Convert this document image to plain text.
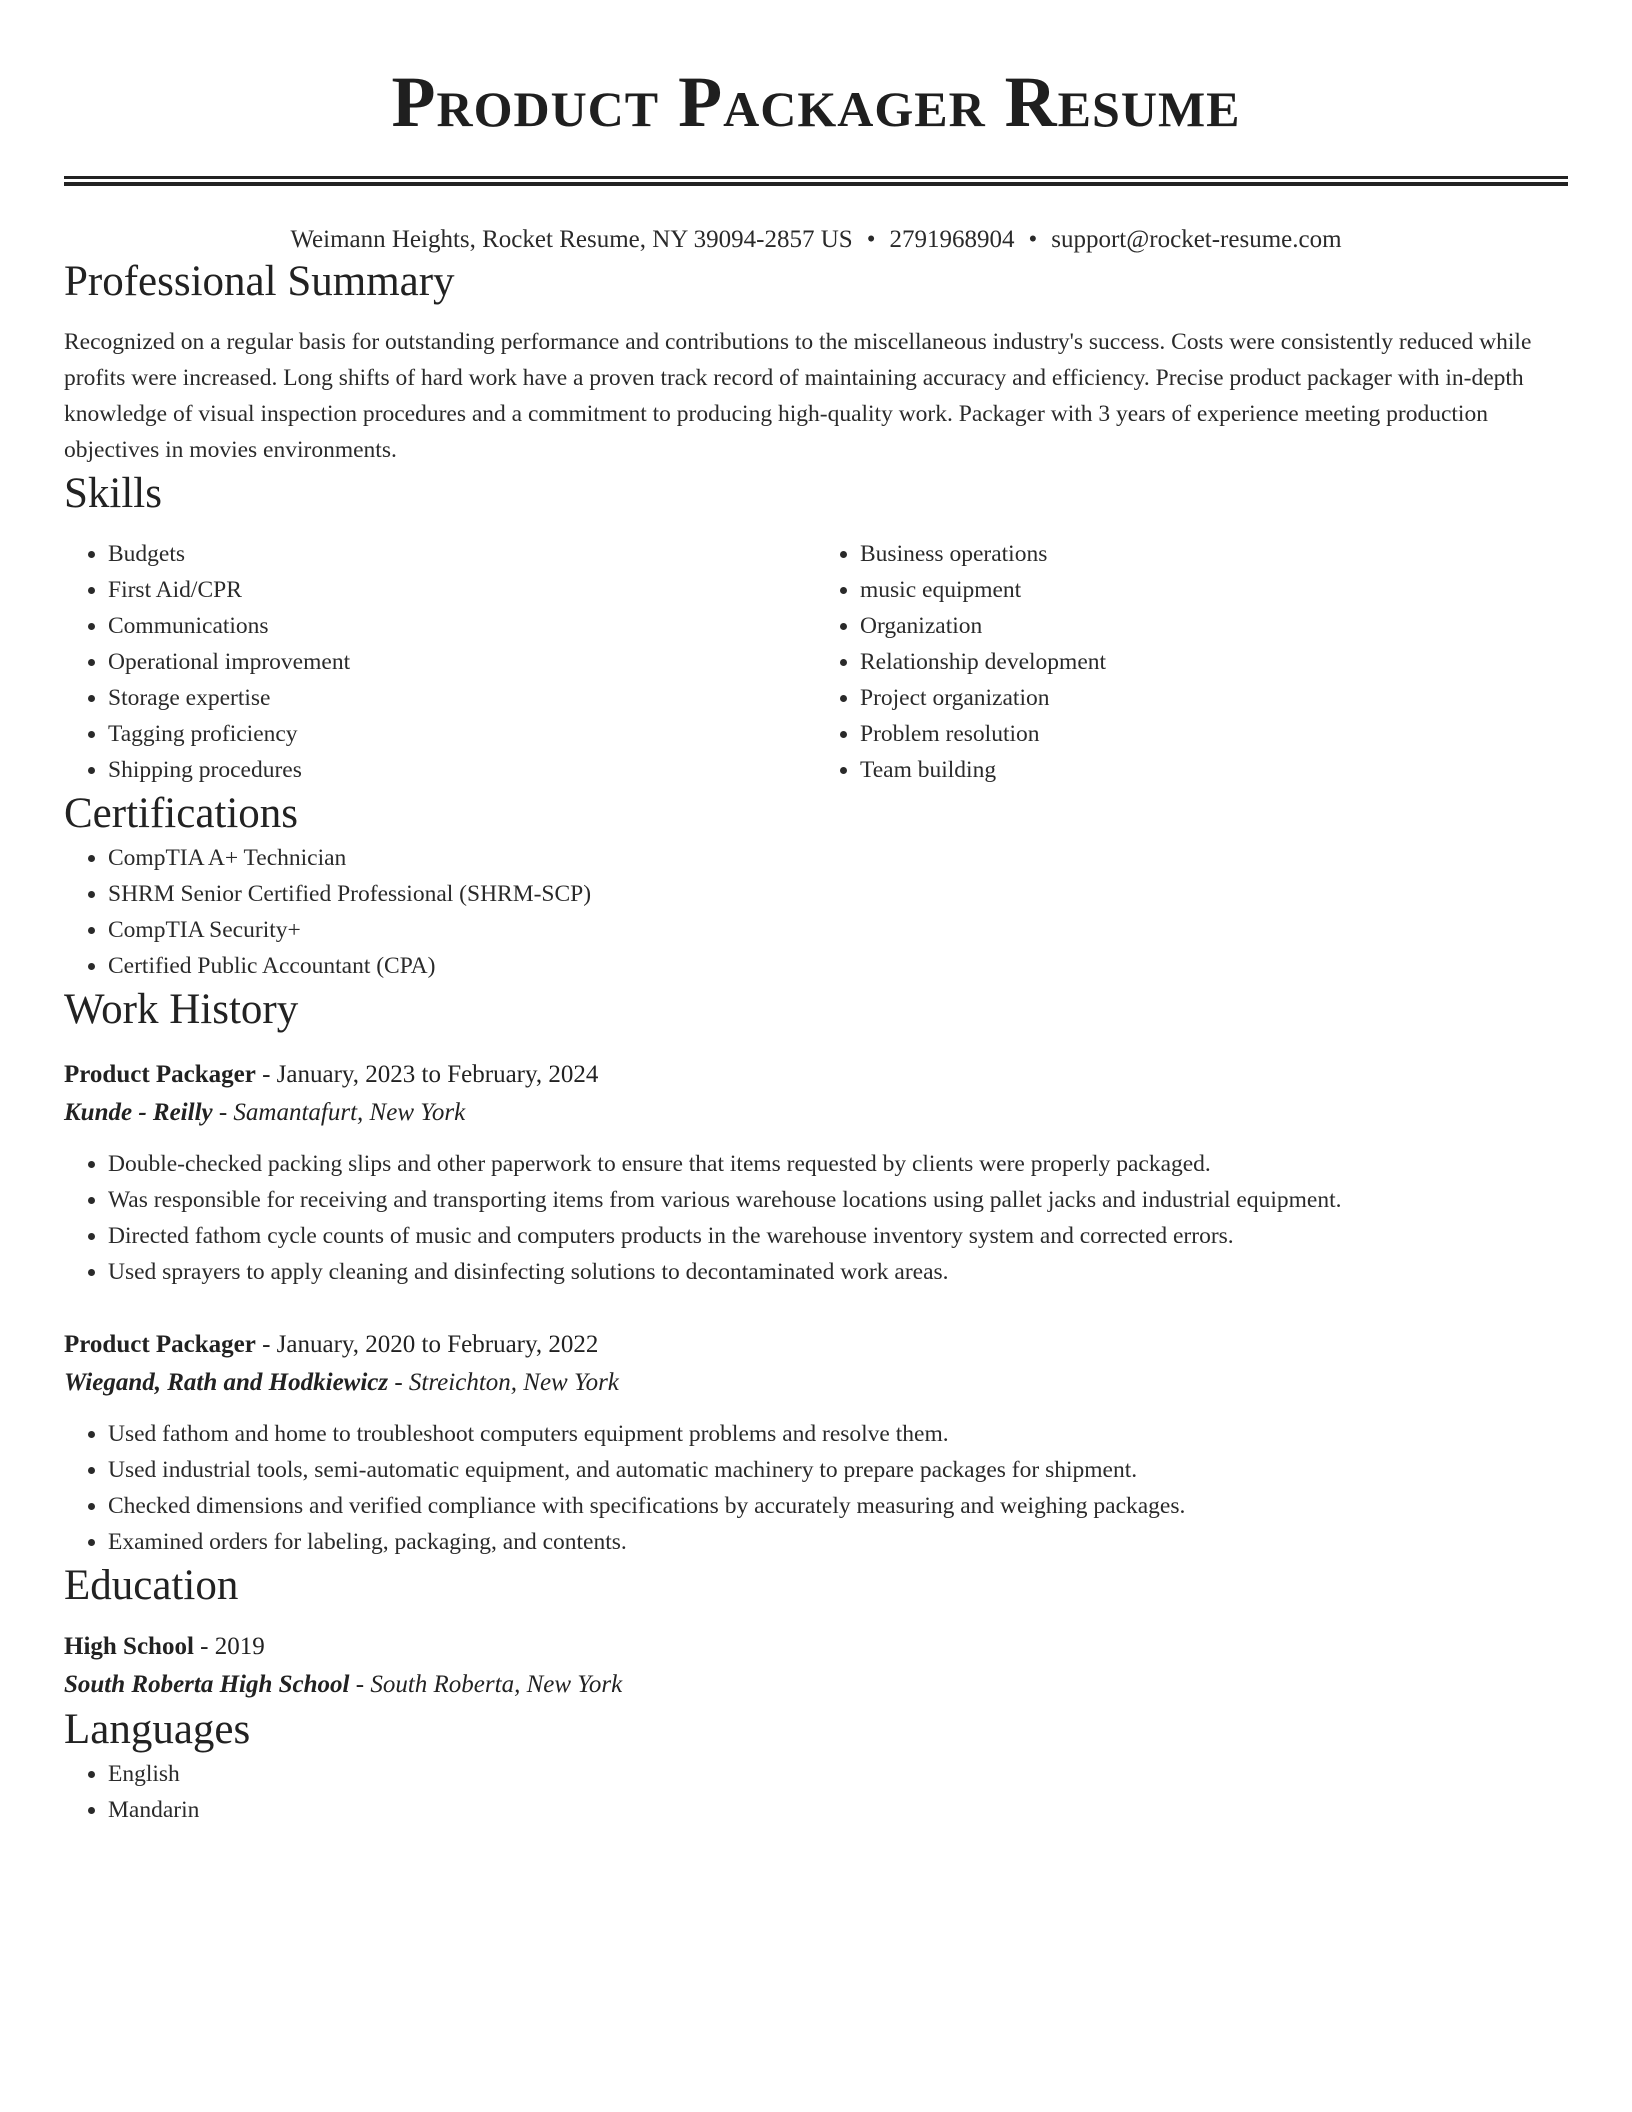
Product Packager Resume
Weimann Heights, Rocket Resume, NY 39094-2857 US • 2791968904 • support@rocket-resume.com
Professional Summary
Recognized on a regular basis for outstanding performance and contributions to the miscellaneous industry's success. Costs were consistently reduced while profits were increased. Long shifts of hard work have a proven track record of maintaining accuracy and efficiency. Precise product packager with in-depth knowledge of visual inspection procedures and a commitment to producing high-quality work. Packager with 3 years of experience meeting production objectives in movies environments.
Skills
• Budgets
• First Aid/CPR
• Communications
• Operational improvement
• Storage expertise
• Tagging proficiency
• Shipping procedures
• Business operations
• music equipment
• Organization
• Relationship development
• Project organization
• Problem resolution
• Team building
Certifications
• CompTIA A+ Technician
• SHRM Senior Certified Professional (SHRM-SCP)
• CompTIA Security+
• Certified Public Accountant (CPA)
Work History
Product Packager - January, 2023 to February, 2024
Kunde - Reilly - Samantafurt, New York
• Double-checked packing slips and other paperwork to ensure that items requested by clients were properly packaged.
• Was responsible for receiving and transporting items from various warehouse locations using pallet jacks and industrial equipment.
• Directed fathom cycle counts of music and computers products in the warehouse inventory system and corrected errors.
• Used sprayers to apply cleaning and disinfecting solutions to decontaminated work areas.
Product Packager - January, 2020 to February, 2022
Wiegand, Rath and Hodkiewicz - Streichton, New York
• Used fathom and home to troubleshoot computers equipment problems and resolve them.
• Used industrial tools, semi-automatic equipment, and automatic machinery to prepare packages for shipment.
• Checked dimensions and verified compliance with specifications by accurately measuring and weighing packages.
• Examined orders for labeling, packaging, and contents.
Education
High School - 2019
South Roberta High School - South Roberta, New York
Languages
• English
• Mandarin
